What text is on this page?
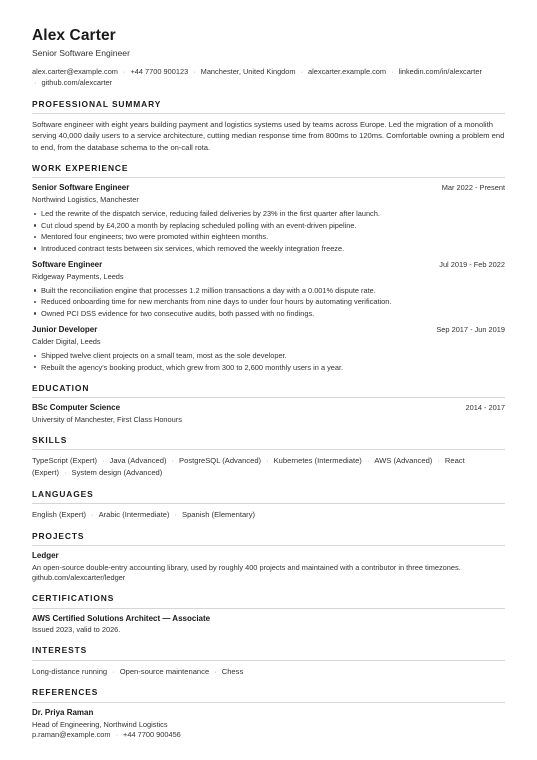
Alex Carter
Senior Software Engineer
alex.carter@example.com · +44 7700 900123 · Manchester, United Kingdom · alexcarter.example.com · linkedin.com/in/alexcarter
· github.com/alexcarter
PROFESSIONAL SUMMARY
Software engineer with eight years building payment and logistics systems used by teams across Europe. Led the migration of a monolith serving 40,000 daily users to a service architecture, cutting median response time from 800ms to 120ms. Comfortable owning a problem end to end, from the database schema to the on-call rota.
WORK EXPERIENCE
Senior Software Engineer	Mar 2022 - Present
Northwind Logistics, Manchester
Led the rewrite of the dispatch service, reducing failed deliveries by 23% in the first quarter after launch.
Cut cloud spend by £4,200 a month by replacing scheduled polling with an event-driven pipeline.
Mentored four engineers; two were promoted within eighteen months.
Introduced contract tests between six services, which removed the weekly integration freeze.
Software Engineer	Jul 2019 - Feb 2022
Ridgeway Payments, Leeds
Built the reconciliation engine that processes 1.2 million transactions a day with a 0.001% dispute rate.
Reduced onboarding time for new merchants from nine days to under four hours by automating verification.
Owned PCI DSS evidence for two consecutive audits, both passed with no findings.
Junior Developer	Sep 2017 - Jun 2019
Calder Digital, Leeds
Shipped twelve client projects on a small team, most as the sole developer.
Rebuilt the agency's booking product, which grew from 300 to 2,600 monthly users in a year.
EDUCATION
BSc Computer Science	2014 - 2017
University of Manchester, First Class Honours
SKILLS
TypeScript (Expert) · Java (Advanced) · PostgreSQL (Advanced) · Kubernetes (Intermediate) · AWS (Advanced) · React (Expert) · System design (Advanced)
LANGUAGES
English (Expert) · Arabic (Intermediate) · Spanish (Elementary)
PROJECTS
Ledger
An open-source double-entry accounting library, used by roughly 400 projects and maintained with a contributor in three timezones.
github.com/alexcarter/ledger
CERTIFICATIONS
AWS Certified Solutions Architect — Associate
Issued 2023, valid to 2026.
INTERESTS
Long-distance running · Open-source maintenance · Chess
REFERENCES
Dr. Priya Raman
Head of Engineering, Northwind Logistics
p.raman@example.com · +44 7700 900456
